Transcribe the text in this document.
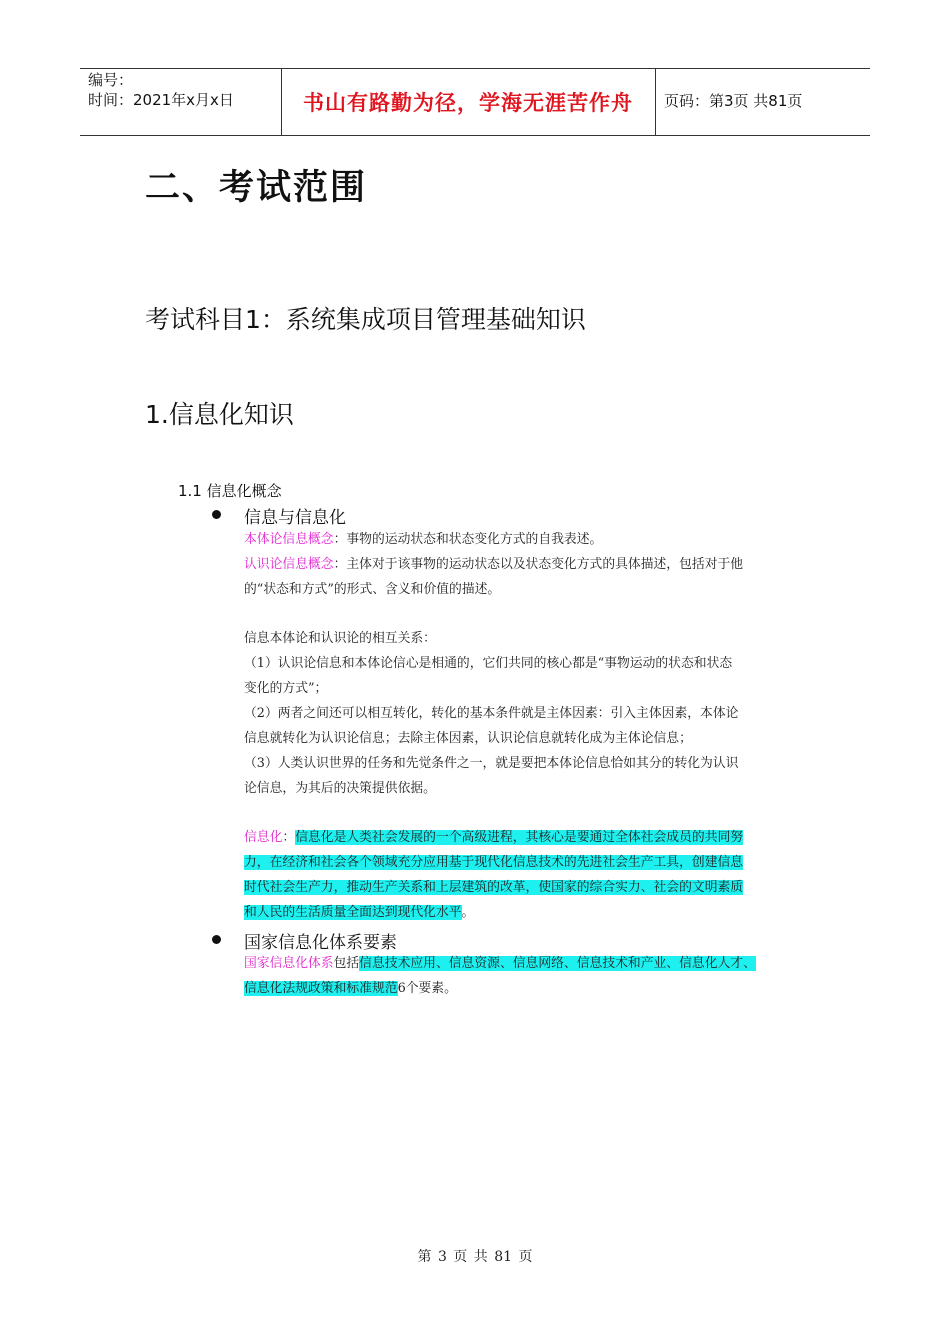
编号：
时间：2021年x月x日	书山有路勤为径，学海无涯苦作舟	页码：第3页 共81页
二、考试范围
考试科目1：系统集成项目管理基础知识
1.信息化知识
1.1 信息化概念
信息与信息化
本体论信息概念：事物的运动状态和状态变化方式的自我表述。
认识论信息概念：主体对于该事物的运动状态以及状态变化方式的具体描述，包括对于他
的“状态和方式”的形式、含义和价值的描述。
信息本体论和认识论的相互关系：
（1）认识论信息和本体论信心是相通的，它们共同的核心都是“事物运动的状态和状态
变化的方式”；
（2）两者之间还可以相互转化，转化的基本条件就是主体因素：引入主体因素，本体论
信息就转化为认识论信息；去除主体因素，认识论信息就转化成为主体论信息；
（3）人类认识世界的任务和先觉条件之一，就是要把本体论信息恰如其分的转化为认识
论信息，为其后的决策提供依据。
信息化：信息化是人类社会发展的一个高级进程，其核心是要通过全体社会成员的共同努
力，在经济和社会各个领域充分应用基于现代化信息技术的先进社会生产工具，创建信息
时代社会生产力，推动生产关系和上层建筑的改革，使国家的综合实力、社会的文明素质
和人民的生活质量全面达到现代化水平。
国家信息化体系要素
国家信息化体系包括信息技术应用、信息资源、信息网络、信息技术和产业、信息化人才、
信息化法规政策和标准规范6个要素。
第 3 页 共 81 页
